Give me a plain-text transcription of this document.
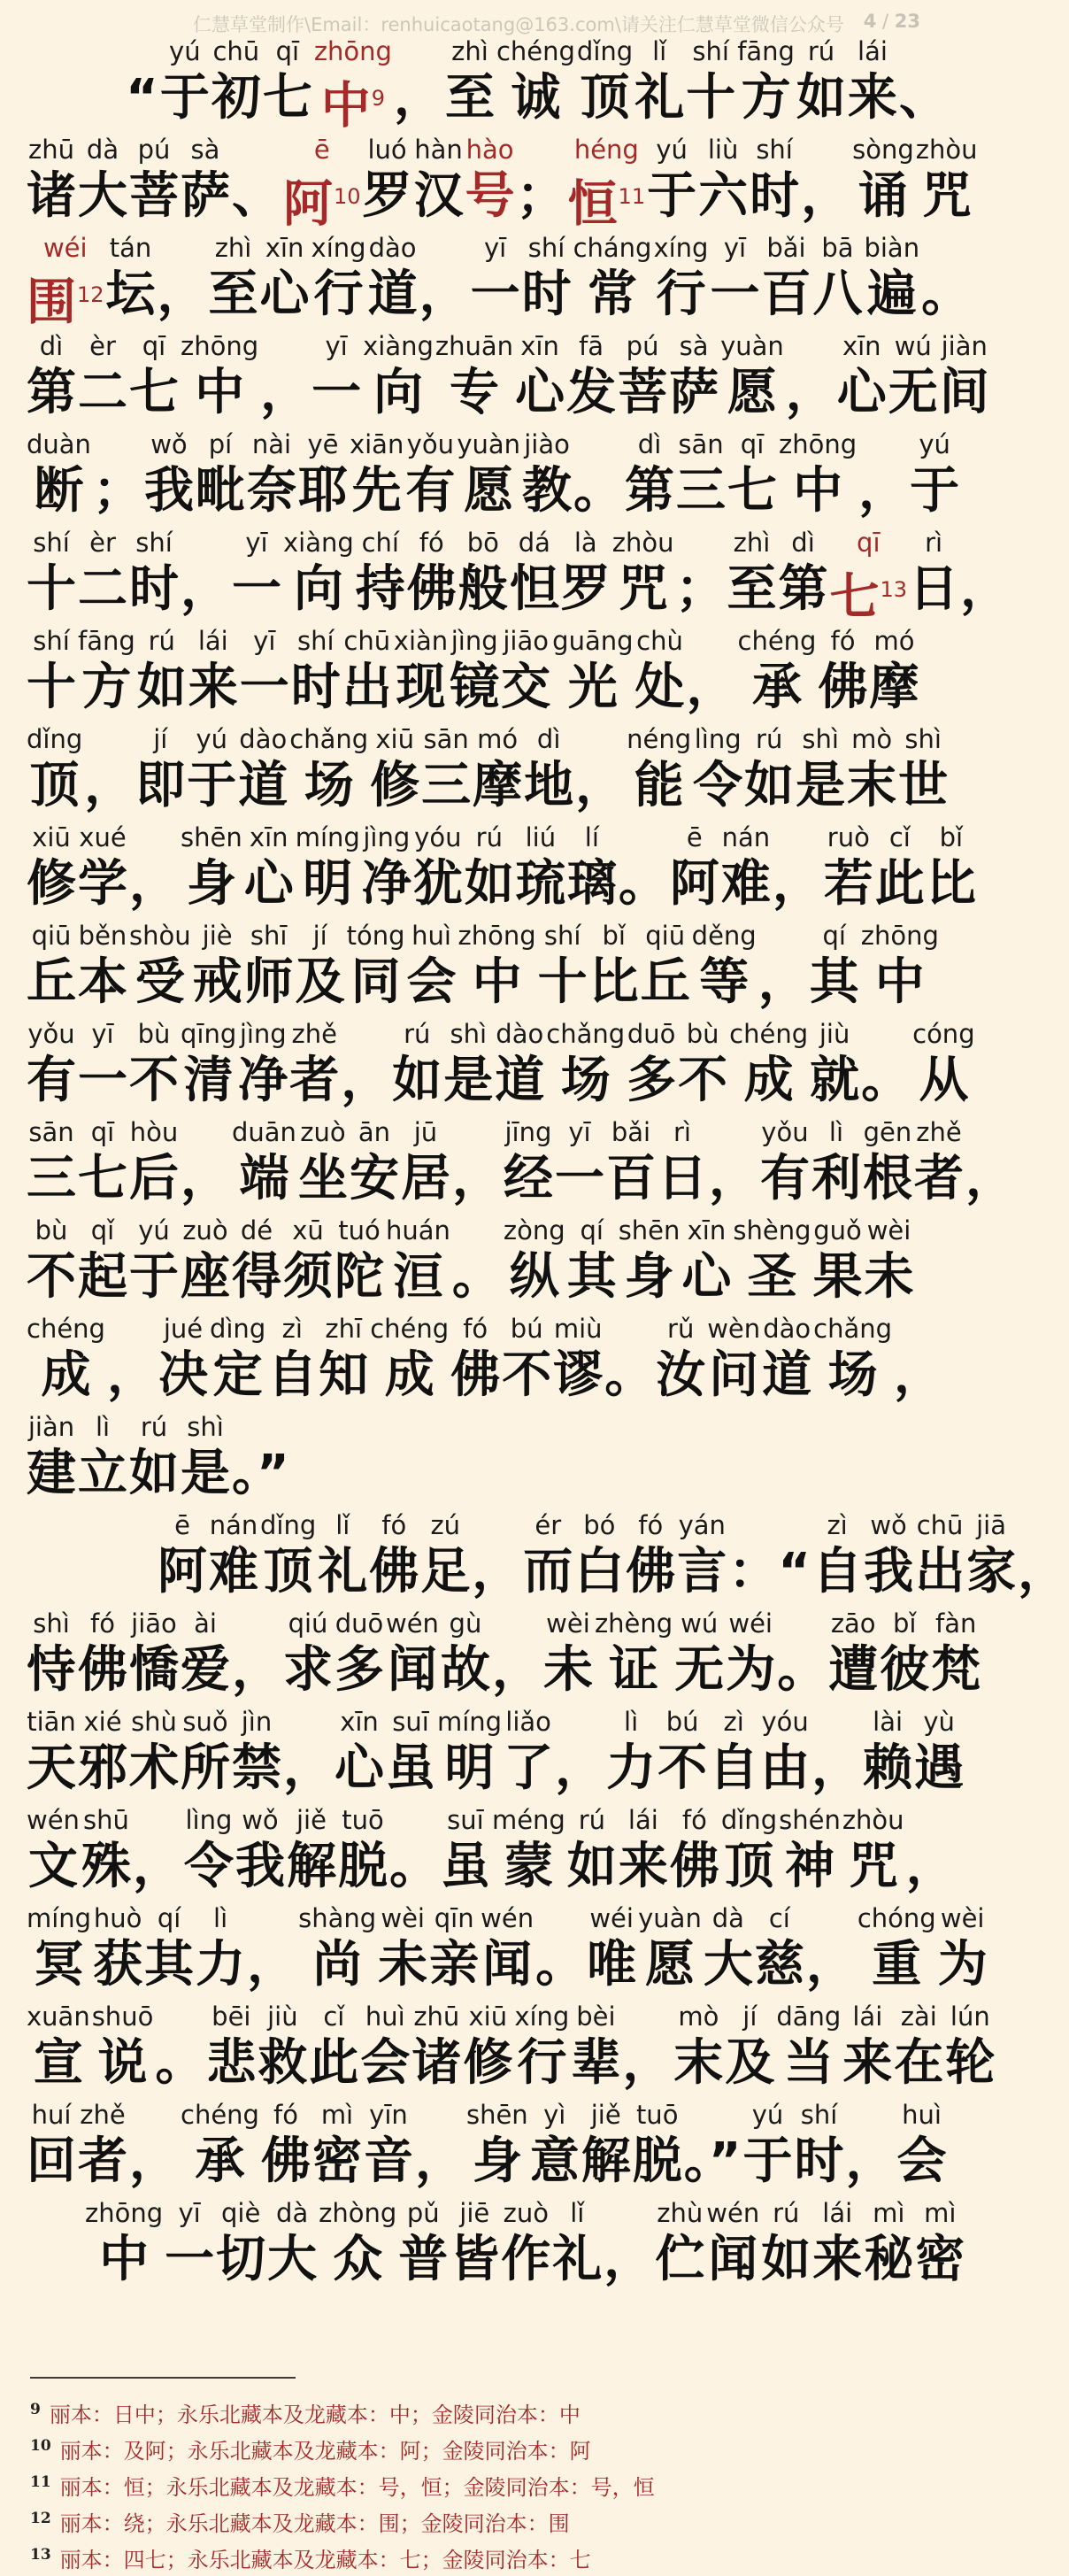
仁慧草堂制作\Email：renhuicaotang@163.com\请关注仁慧草堂微信公众号 4 / 23

“
yú
于
chū
初
qī
七
zhōng
中$^9$
，
zhì
至
chéng
诚
dǐng
顶
lǐ
礼
shí
十
fāng
方
rú
如
lái
来
、
zhū
诸
dà
大
pú
菩
sà
萨
、
ē
阿$^{10}$
luó
罗
hàn
汉
hào
号
；
héng
恒$^{11}$
yú
于
liù
六
shí
时
，
sòng
诵
zhòu
咒
wéi
围$^{12}$
tán
坛
，
zhì
至
xīn
心
xíng
行
dào
道
，
yī
一
shí
时
cháng
常
xíng
行
yī
一
bǎi
百
bā
八
biàn
遍
。
dì
第
èr
二
qī
七
zhōng
中
，
yī
一
xiàng
向
zhuān
专
xīn
心
fā
发
pú
菩
sà
萨
yuàn
愿
，
xīn
心
wú
无
jiàn
间
duàn
断
；
wǒ
我
pí
毗
nài
奈
yē
耶
xiān
先
yǒu
有
yuàn
愿
jiào
教
。
dì
第
sān
三
qī
七
zhōng
中
，
yú
于
shí
十
èr
二
shí
时
，
yī
一
xiàng
向
chí
持
fó
佛
bō
般
dá
怛
là
罗
zhòu
咒
；
zhì
至
dì
第
qī
七$^{13}$
rì
日
，
shí
十
fāng
方
rú
如
lái
来
yī
一
shí
时
chū
出
xiàn
现
jìng
镜
jiāo
交
guāng
光
chù
处
，
chéng
承
fó
佛
mó
摩
dǐng
顶
，
jí
即
yú
于
dào
道
chǎng
场
xiū
修
sān
三
mó
摩
dì
地
，
néng
能
lìng
令
rú
如
shì
是
mò
末
shì
世
xiū
修
xué
学
，
shēn
身
xīn
心
míng
明
jìng
净
yóu
犹
rú
如
liú
琉
lí
璃
。
ē
阿
nán
难
，
ruò
若
cǐ
此
bǐ
比
qiū
丘
běn
本
shòu
受
jiè
戒
shī
师
jí
及
tóng
同
huì
会
zhōng
中
shí
十
bǐ
比
qiū
丘
děng
等
，
qí
其
zhōng
中
yǒu
有
yī
一
bù
不
qīng
清
jìng
净
zhě
者
，
rú
如
shì
是
dào
道
chǎng
场
duō
多
bù
不
chéng
成
jiù
就
。
cóng
从
sān
三
qī
七
hòu
后
，
duān
端
zuò
坐
ān
安
jū
居
，
jīng
经
yī
一
bǎi
百
rì
日
，
yǒu
有
lì
利
gēn
根
zhě
者
，
bù
不
qǐ
起
yú
于
zuò
座
dé
得
xū
须
tuó
陀
huán
洹
。
zòng
纵
qí
其
shēn
身
xīn
心
shèng
圣
guǒ
果
wèi
未
chéng
成
，
jué
决
dìng
定
zì
自
zhī
知
chéng
成
fó
佛
bú
不
miù
谬
。
rǔ
汝
wèn
问
dào
道
chǎng
场
，
jiàn
建
lì
立
rú
如
shì
是
。”
ē
阿
nán
难
dǐng
顶
lǐ
礼
fó
佛
zú
足
，
ér
而
bó
白
fó
佛
yán
言
：“
zì
自
wǒ
我
chū
出
jiā
家
，
shì
恃
fó
佛
jiāo
憍
ài
爱
，
qiú
求
duō
多
wén
闻
gù
故
，
wèi
未
zhèng
证
wú
无
wéi
为
。
zāo
遭
bǐ
彼
fàn
梵
tiān
天
xié
邪
shù
术
suǒ
所
jìn
禁
，
xīn
心
suī
虽
míng
明
liǎo
了
，
lì
力
bú
不
zì
自
yóu
由
，
lài
赖
yù
遇
wén
文
shū
殊
，
lìng
令
wǒ
我
jiě
解
tuō
脱
。
suī
虽
méng
蒙
rú
如
lái
来
fó
佛
dǐng
顶
shén
神
zhòu
咒
，
míng
冥
huò
获
qí
其
lì
力
，
shàng
尚
wèi
未
qīn
亲
wén
闻
。
wéi
唯
yuàn
愿
dà
大
cí
慈
，
chóng
重
wèi
为
xuān
宣
shuō
说
。
bēi
悲
jiù
救
cǐ
此
huì
会
zhū
诸
xiū
修
xíng
行
bèi
辈
，
mò
末
jí
及
dāng
当
lái
来
zài
在
lún
轮
huí
回
zhě
者
，
chéng
承
fó
佛
mì
密
yīn
音
，
shēn
身
yì
意
jiě
解
tuō
脱
。”
yú
于
shí
时
，
huì
会
zhōng
中
yī
一
qiè
切
dà
大
zhòng
众
pǔ
普
jiē
皆
zuò
作
lǐ
礼
，
zhù
伫
wén
闻
rú
如
lái
来
mì
秘
mì
密
$^9$ 丽本：日中；永乐北藏本及龙藏本：中；金陵同治本：中
$^{10}$ 丽本：及阿；永乐北藏本及龙藏本：阿；金陵同治本：阿
$^{11}$ 丽本：恒；永乐北藏本及龙藏本：号，恒；金陵同治本：号，恒
$^{12}$ 丽本：绕；永乐北藏本及龙藏本：围；金陵同治本：围
$^{13}$ 丽本：四七；永乐北藏本及龙藏本：七；金陵同治本：七
